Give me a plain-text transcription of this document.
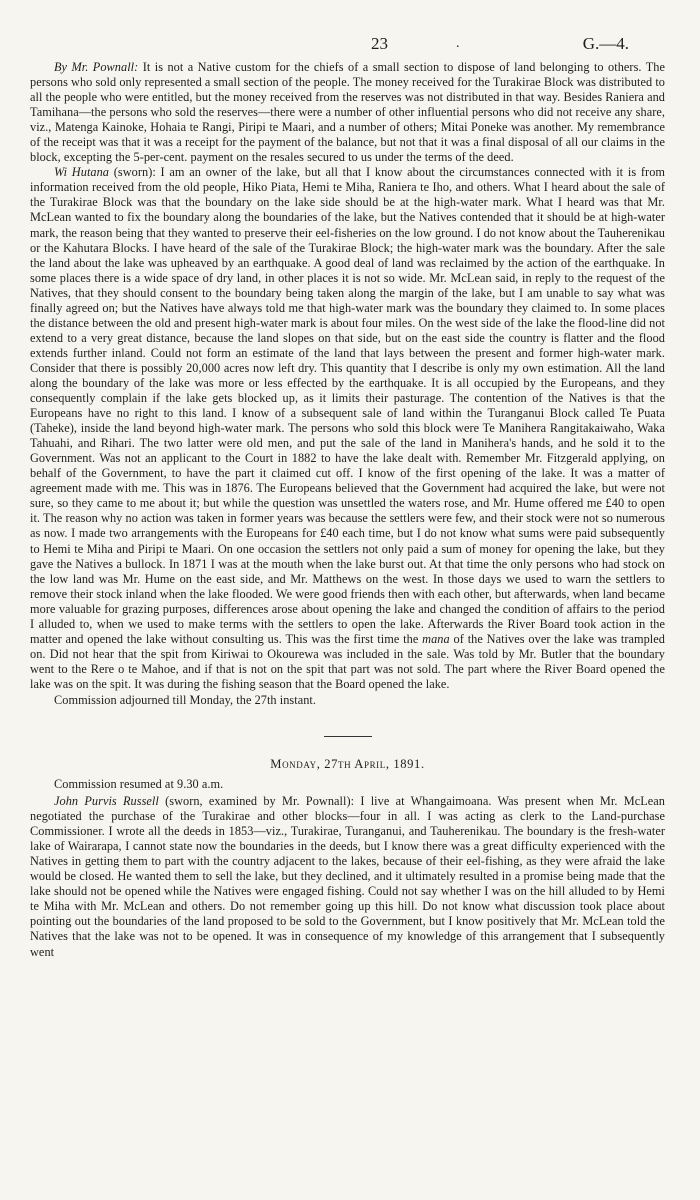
23	.	G.—4.

By Mr. Pownall: It is not a Native custom for the chiefs of a small section to dispose of land belonging to others. The persons who sold only represented a small section of the people. The money received for the Turakirae Block was distributed to all the people who were entitled, but the money received from the reserves was not distributed in that way. Besides Raniera and Tamihana—the persons who sold the reserves—there were a number of other influential persons who did not receive any share, viz., Matenga Kainoke, Hohaia te Rangi, Piripi te Maari, and a number of others; Mitai Poneke was another. My remembrance of the receipt was that it was a receipt for the payment of the balance, but not that it was a final disposal of all our claims in the block, excepting the 5-per-cent. payment on the resales secured to us under the terms of the deed.

Wi Hutana (sworn): I am an owner of the lake, but all that I know about the circumstances connected with it is from information received from the old people, Hiko Piata, Hemi te Miha, Raniera te Iho, and others. What I heard about the sale of the Turakirae Block was that the boundary on the lake side should be at the high-water mark. What I heard was that Mr. McLean wanted to fix the boundary along the boundaries of the lake, but the Natives contended that it should be at high-water mark, the reason being that they wanted to preserve their eel-fisheries on the low ground. I do not know about the Tauherenikau or the Kahutara Blocks. I have heard of the sale of the Turakirae Block; the high-water mark was the boundary. After the sale the land about the lake was upheaved by an earthquake. A good deal of land was reclaimed by the action of the earthquake. In some places there is a wide space of dry land, in other places it is not so wide. Mr. McLean said, in reply to the request of the Natives, that they should consent to the boundary being taken along the margin of the lake, but I am unable to say what was finally agreed on; but the Natives have always told me that high-water mark was the boundary they claimed to. In some places the distance between the old and present high-water mark is about four miles. On the west side of the lake the flood-line did not extend to a very great distance, because the land slopes on that side, but on the east side the country is flatter and the flood extends further inland. Could not form an estimate of the land that lays between the present and former high-water mark. Consider that there is possibly 20,000 acres now left dry. This quantity that I describe is only my own estimation. All the land along the boundary of the lake was more or less effected by the earthquake. It is all occupied by the Europeans, and they consequently complain if the lake gets blocked up, as it limits their pasturage. The contention of the Natives is that the Europeans have no right to this land. I know of a subsequent sale of land within the Turanganui Block called Te Puata (Taheke), inside the land beyond high-water mark. The persons who sold this block were Te Manihera Rangitakaiwaho, Waka Tahuahi, and Rihari. The two latter were old men, and put the sale of the land in Manihera's hands, and he sold it to the Government. Was not an applicant to the Court in 1882 to have the lake dealt with. Remember Mr. Fitzgerald applying, on behalf of the Government, to have the part it claimed cut off. I know of the first opening of the lake. It was a matter of agreement made with me. This was in 1876. The Europeans believed that the Government had acquired the lake, but were not sure, so they came to me about it; but while the question was unsettled the waters rose, and Mr. Hume offered me £40 to open it. The reason why no action was taken in former years was because the settlers were few, and their stock were not so numerous as now. I made two arrangements with the Europeans for £40 each time, but I do not know what sums were paid subsequently to Hemi te Miha and Piripi te Maari. On one occasion the settlers not only paid a sum of money for opening the lake, but they gave the Natives a bullock. In 1871 I was at the mouth when the lake burst out. At that time the only persons who had stock on the low land was Mr. Hume on the east side, and Mr. Matthews on the west. In those days we used to warn the settlers to remove their stock inland when the lake flooded. We were good friends then with each other, but afterwards, when land became more valuable for grazing purposes, differences arose about opening the lake and changed the condition of affairs to the period I alluded to, when we used to make terms with the settlers to open the lake. Afterwards the River Board took action in the matter and opened the lake without consulting us. This was the first time the mana of the Natives over the lake was trampled on. Did not hear that the spit from Kiriwai to Okourewa was included in the sale. Was told by Mr. Butler that the boundary went to the Rere o te Mahoe, and if that is not on the spit that part was not sold. The part where the River Board opened the lake was on the spit. It was during the fishing season that the Board opened the lake.

Commission adjourned till Monday, the 27th instant.

Monday, 27th April, 1891.

Commission resumed at 9.30 a.m.

John Purvis Russell (sworn, examined by Mr. Pownall): I live at Whangaimoana. Was present when Mr. McLean negotiated the purchase of the Turakirae and other blocks—four in all. I was acting as clerk to the Land-purchase Commissioner. I wrote all the deeds in 1853—viz., Turakirae, Turanganui, and Tauherenikau. The boundary is the fresh-water lake of Wairarapa, I cannot state now the boundaries in the deeds, but I know there was a great difficulty experienced with the Natives in getting them to part with the country adjacent to the lakes, because of their eel-fishing, as they were afraid the lake would be closed. He wanted them to sell the lake, but they declined, and it ultimately resulted in a promise being made that the lake should not be opened while the Natives were engaged fishing. Could not say whether I was on the hill alluded to by Hemi te Miha with Mr. McLean and others. Do not remember going up this hill. Do not know what discussion took place about pointing out the boundaries of the land proposed to be sold to the Government, but I know positively that Mr. McLean told the Natives that the lake was not to be opened. It was in consequence of my knowledge of this arrangement that I subsequently went
